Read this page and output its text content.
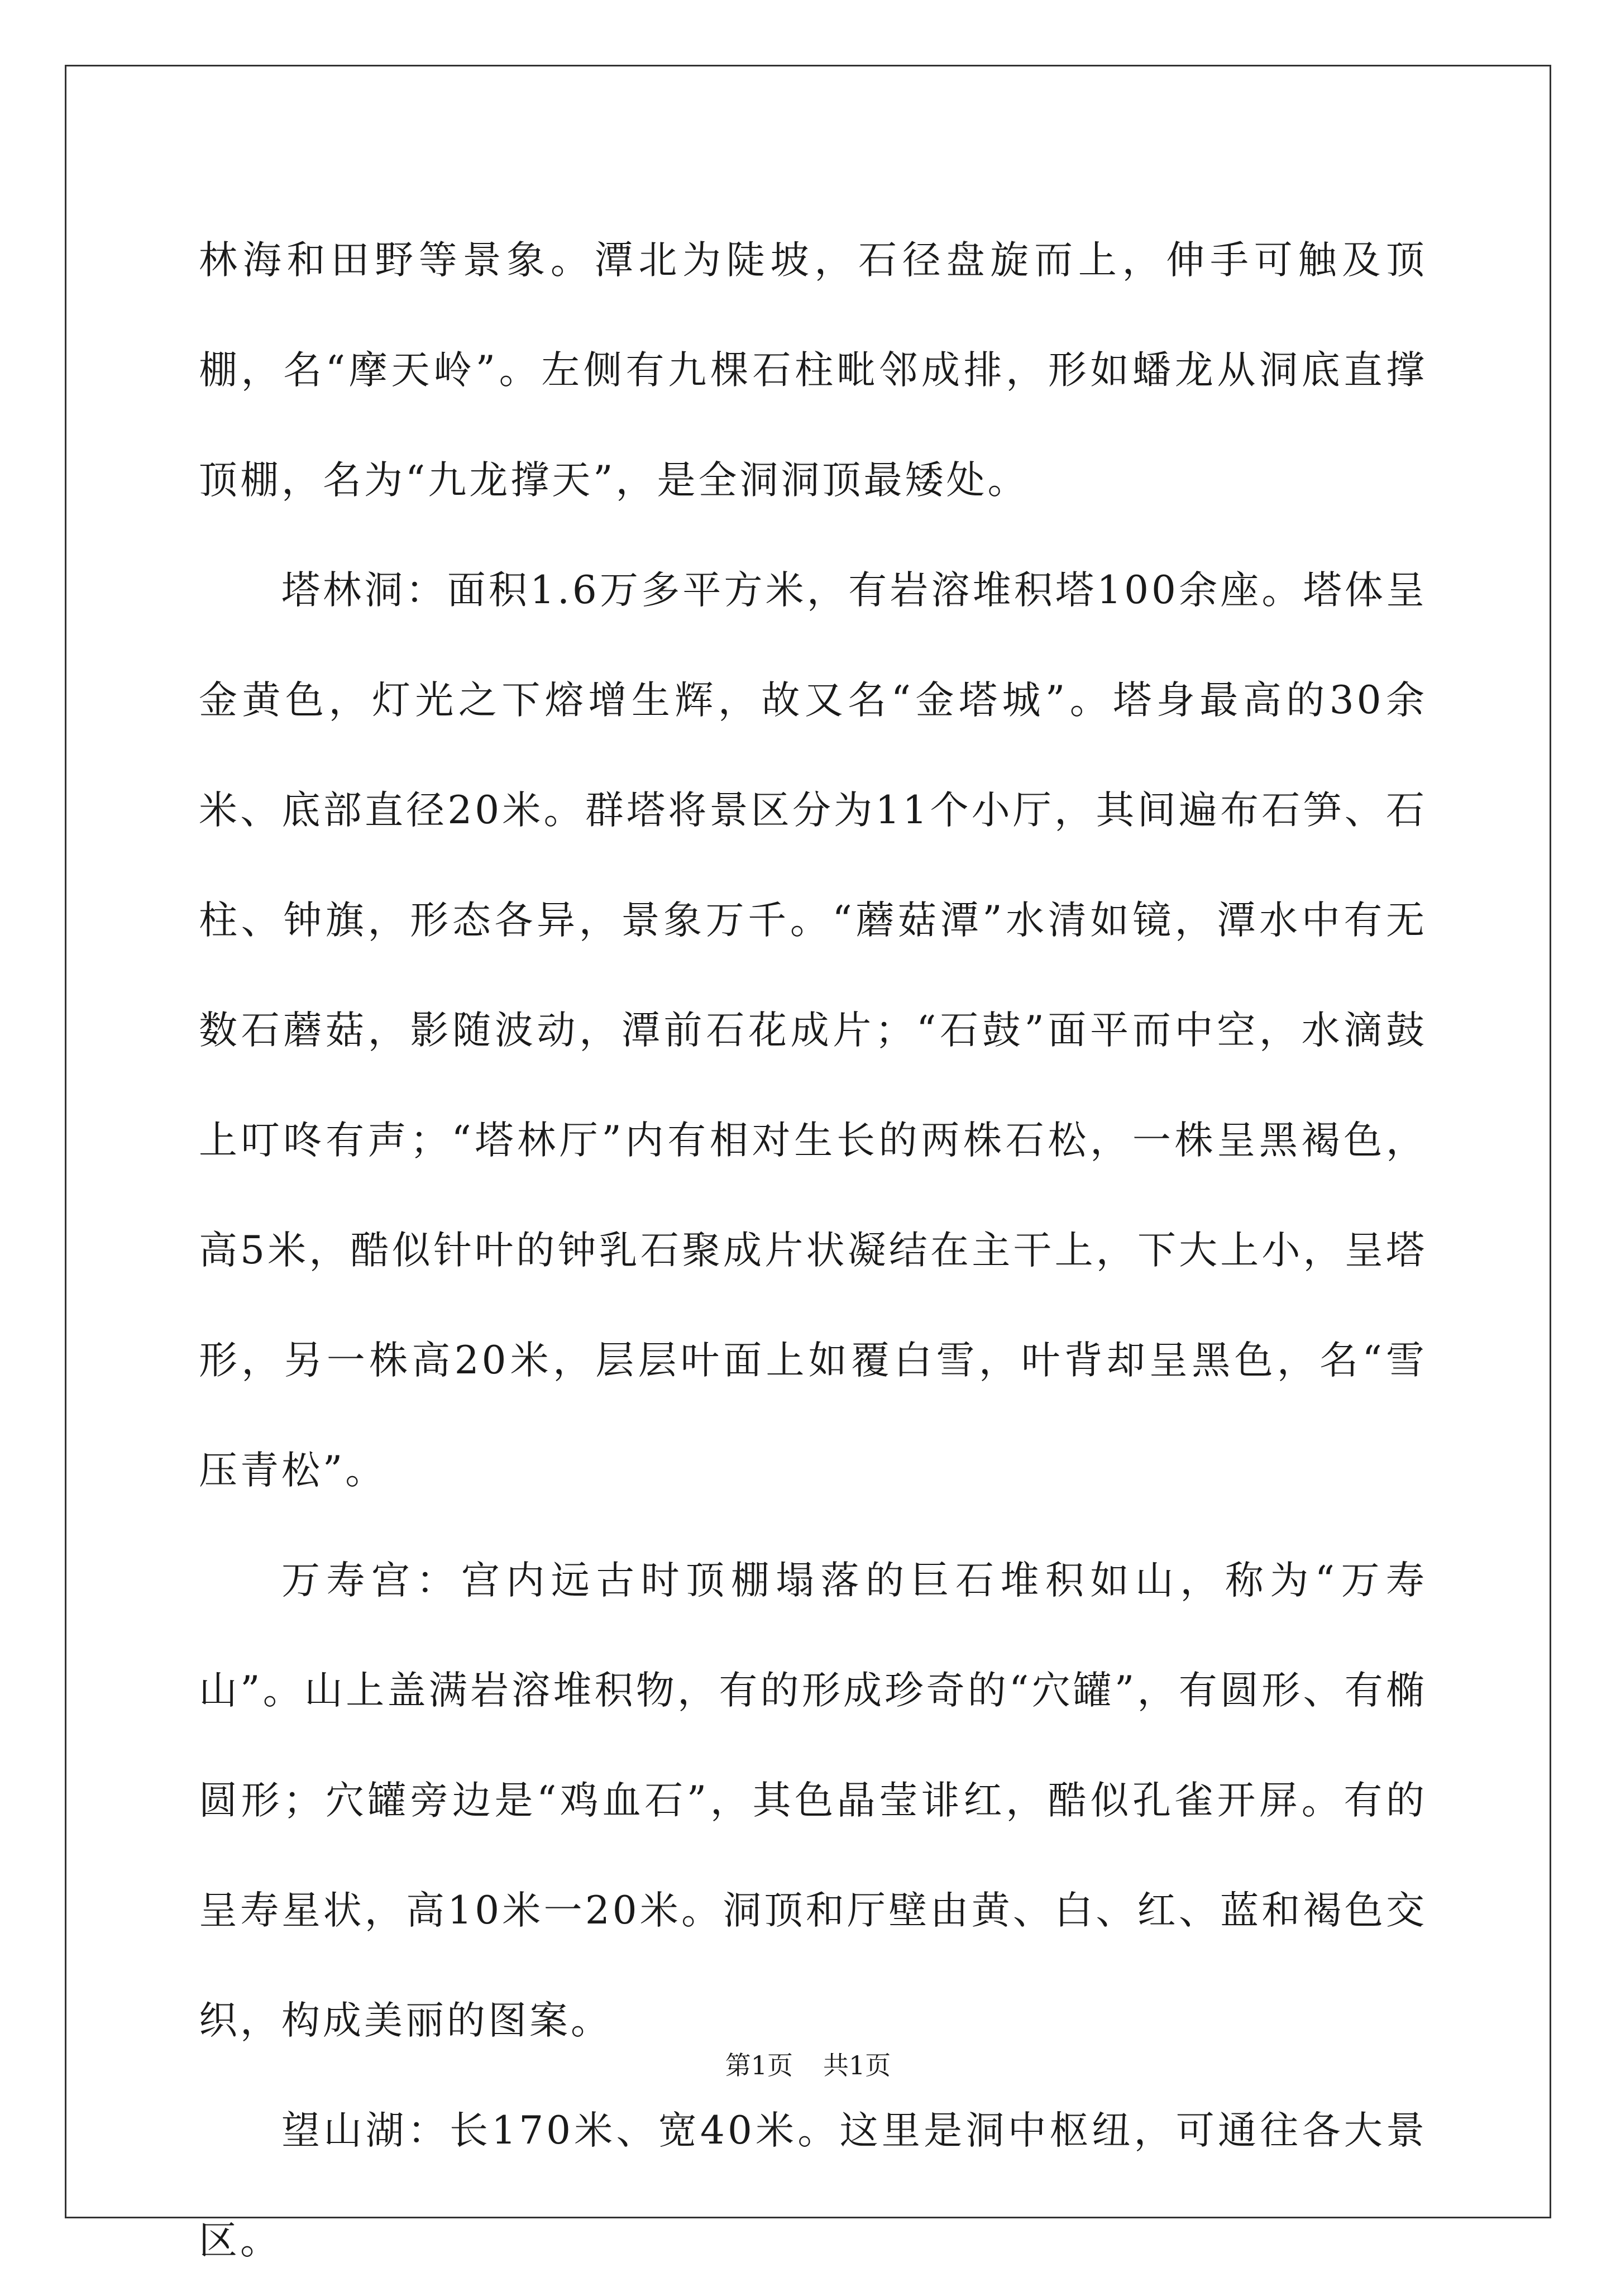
林海和田野等景象。潭北为陡坡，石径盘旋而上，伸手可触及顶棚，名“摩天岭”。左侧有九棵石柱毗邻成排，形如蟠龙从洞底直撑顶棚，名为“九龙撑天”，是全洞洞顶最矮处。

塔林洞：面积1.6万多平方米，有岩溶堆积塔100余座。塔体呈金黄色，灯光之下熔增生辉，故又名“金塔城”。塔身最高的30余米、底部直径20米。群塔将景区分为11个小厅，其间遍布石笋、石柱、钟旗，形态各异，景象万千。“蘑菇潭”水清如镜，潭水中有无数石蘑菇，影随波动，潭前石花成片；“石鼓”面平而中空，水滴鼓上叮咚有声；“塔林厅”内有相对生长的两株石松，一株呈黑褐色，高5米，酷似针叶的钟乳石聚成片状凝结在主干上，下大上小，呈塔形，另一株高20米，层层叶面上如覆白雪，叶背却呈黑色，名“雪压青松”。

万寿宫：宫内远古时顶棚塌落的巨石堆积如山，称为“万寿山”。山上盖满岩溶堆积物，有的形成珍奇的“穴罐”，有圆形、有椭圆形；穴罐旁边是“鸡血石”，其色晶莹诽红，酷似孔雀开屏。有的呈寿星状，高10米一20米。洞顶和厅壁由黄、白、红、蓝和褐色交织，构成美丽的图案。

望山湖：长170米、宽40米。这里是洞中枢纽，可通往各大景区。

第1页 共1页
